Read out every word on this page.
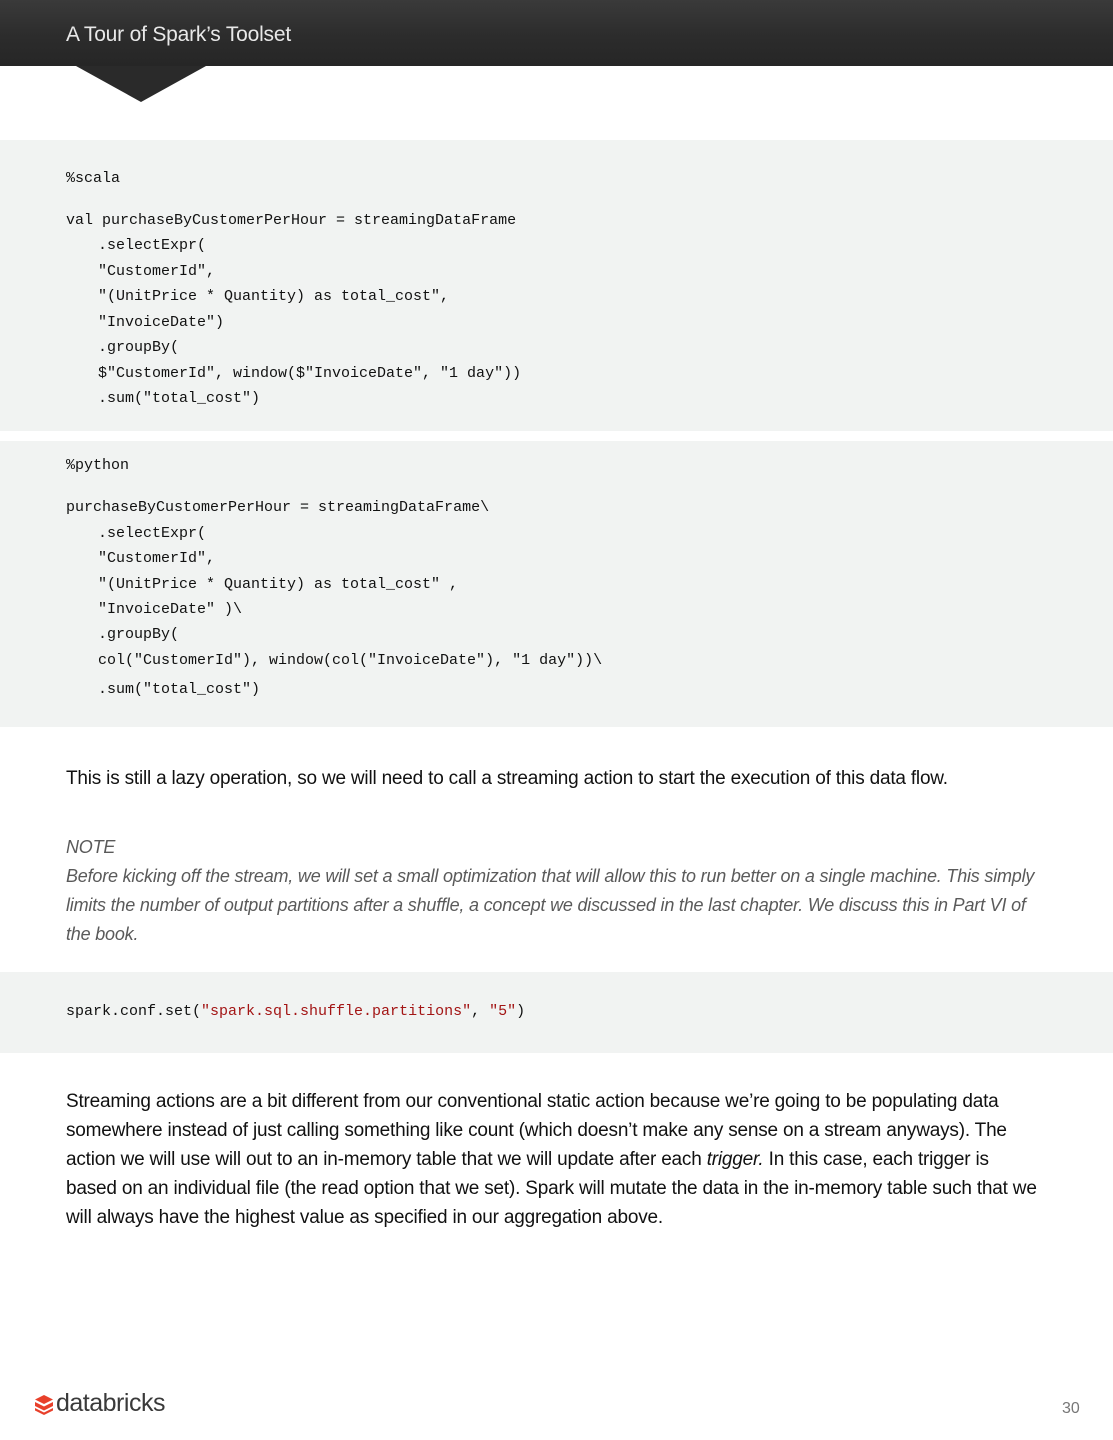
A Tour of Spark’s Toolset
%scala
val purchaseByCustomerPerHour = streamingDataFrame
.selectExpr(
"CustomerId",
"(UnitPrice * Quantity) as total_cost",
"InvoiceDate")
.groupBy(
$"CustomerId", window($"InvoiceDate", "1 day"))
.sum("total_cost")
%python
purchaseByCustomerPerHour = streamingDataFrame\
.selectExpr(
"CustomerId",
"(UnitPrice * Quantity) as total_cost" ,
"InvoiceDate" )\
.groupBy(
col("CustomerId"), window(col("InvoiceDate"), "1 day"))\
.sum("total_cost")
This is still a lazy operation, so we will need to call a streaming action to start the execution of this data flow.
NOTE
Before kicking off the stream, we will set a small optimization that will allow this to run better on a single machine. This simply limits the number of output partitions after a shuffle, a concept we discussed in the last chapter. We discuss this in Part VI of the book.
spark.conf.set("spark.sql.shuffle.partitions", "5")
Streaming actions are a bit different from our conventional static action because we’re going to be populating data somewhere instead of just calling something like count (which doesn’t make any sense on a stream anyways). The action we will use will out to an in-memory table that we will update after each trigger. In this case, each trigger is based on an individual file (the read option that we set). Spark will mutate the data in the in-memory table such that we will always have the highest value as specified in our aggregation above.
databricks	30
